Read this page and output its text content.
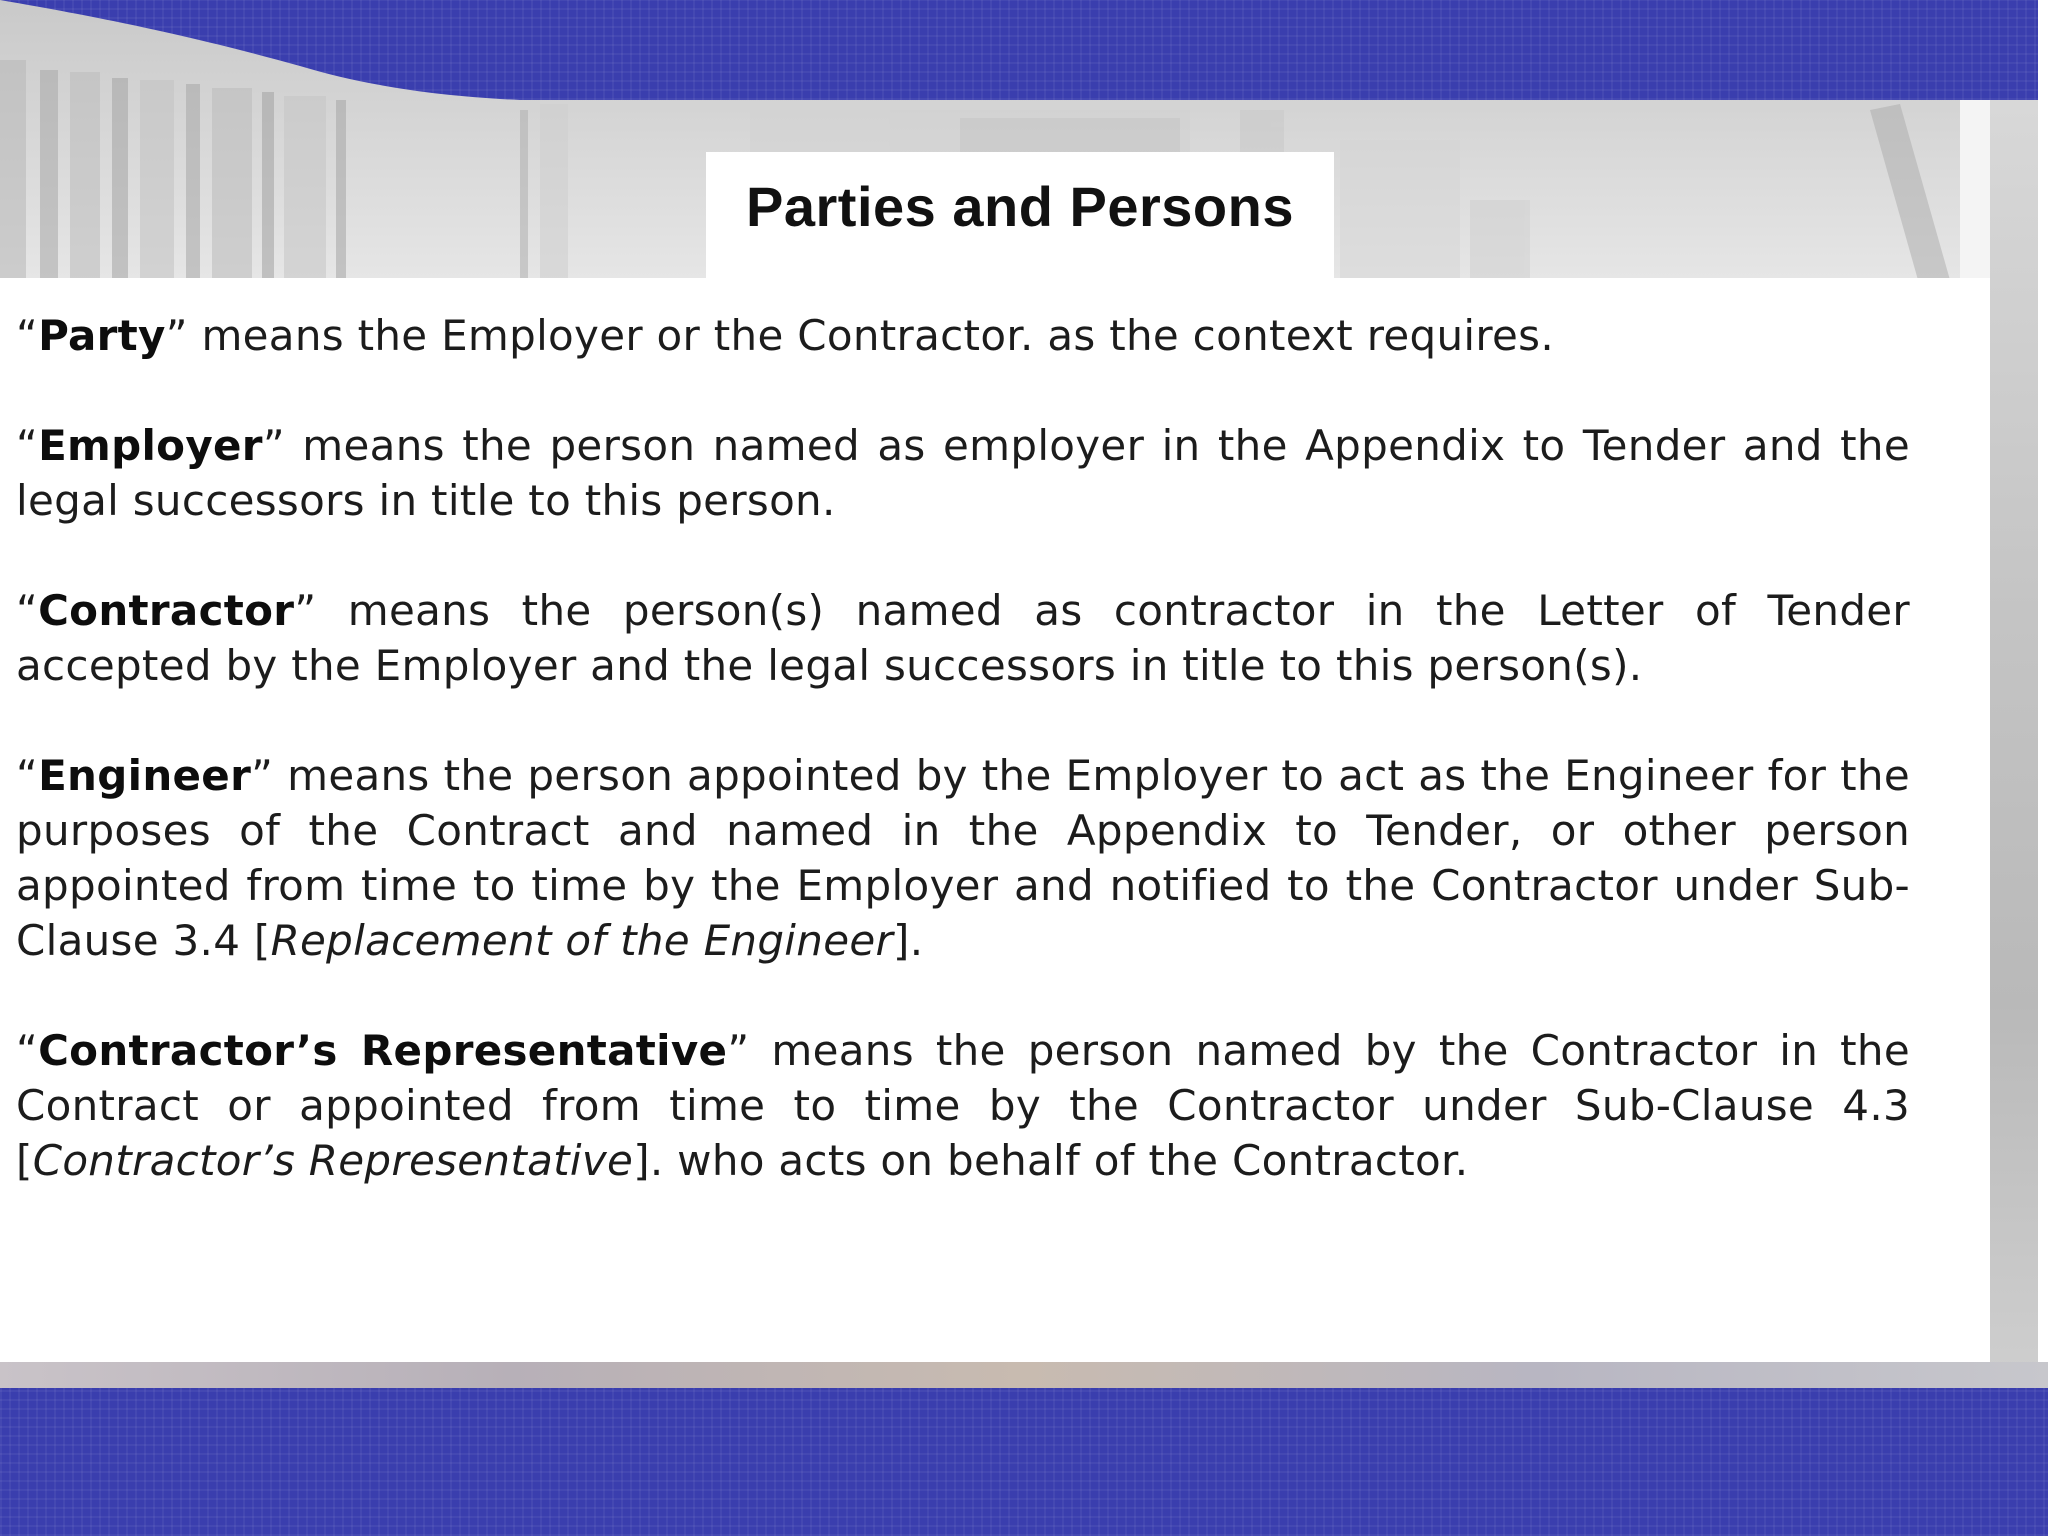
Parties and Persons

“Party” means the Employer or the Contractor. as the context requires.

“Employer” means the person named as employer in the Appendix to Tender and the legal successors in title to this person.

“Contractor” means the person(s) named as contractor in the Letter of Tender accepted by the Employer and the legal successors in title to this person(s).

“Engineer” means the person appointed by the Employer to act as the Engineer for the purposes of the Contract and named in the Appendix to Tender, or other person appointed from time to time by the Employer and notified to the Contractor under Sub-Clause 3.4 [Replacement of the Engineer].

“Contractor’s Representative” means the person named by the Contractor in the Contract or appointed from time to time by the Contractor under Sub-Clause 4.3 [Contractor’s Representative]. who acts on behalf of the Contractor.
